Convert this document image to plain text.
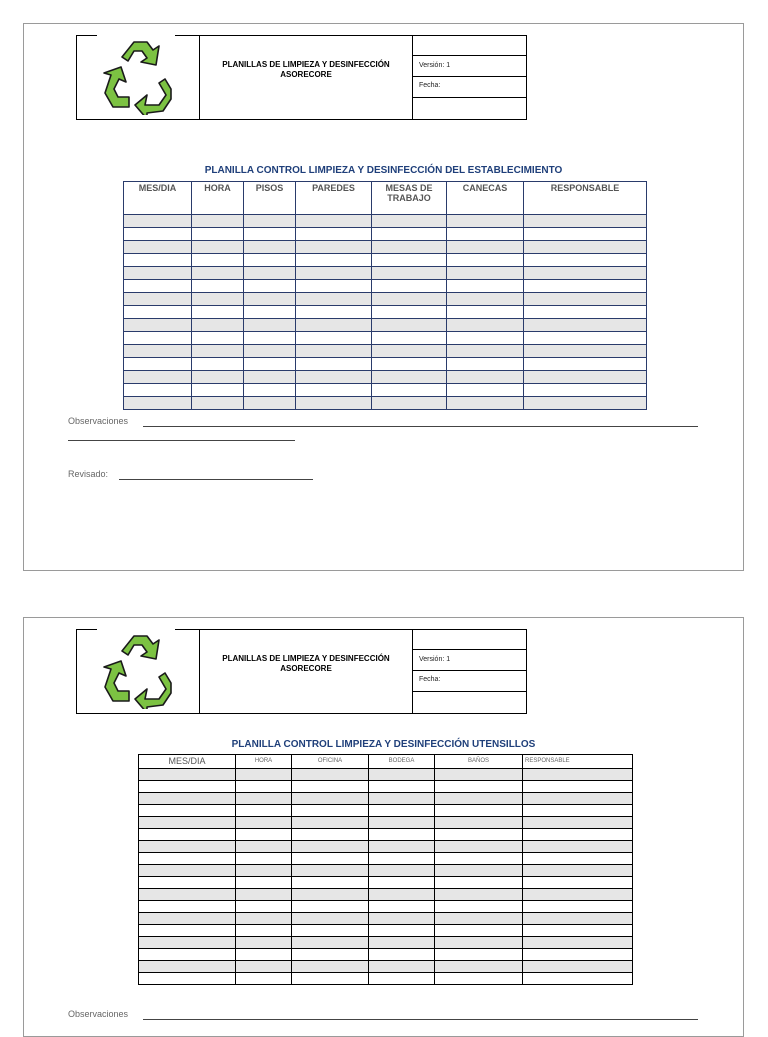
PLANILLAS DE LIMPIEZA Y DESINFECCIÓN
ASORECORE
Versión: 1
Fecha:
PLANILLA CONTROL LIMPIEZA Y DESINFECCIÓN DEL ESTABLECIMIENTO
MES/DIA	HORA	PISOS	PAREDES	MESAS DE TRABAJO	CANECAS	RESPONSABLE

Observaciones
Revisado:
PLANILLAS DE LIMPIEZA Y DESINFECCIÓN
ASORECORE
Versión: 1
Fecha:
PLANILLA CONTROL LIMPIEZA Y DESINFECCIÓN UTENSILLOS
MES/DIA	HORA	OFICINA	BODEGA	BAÑOS	RESPONSABLE

Observaciones
